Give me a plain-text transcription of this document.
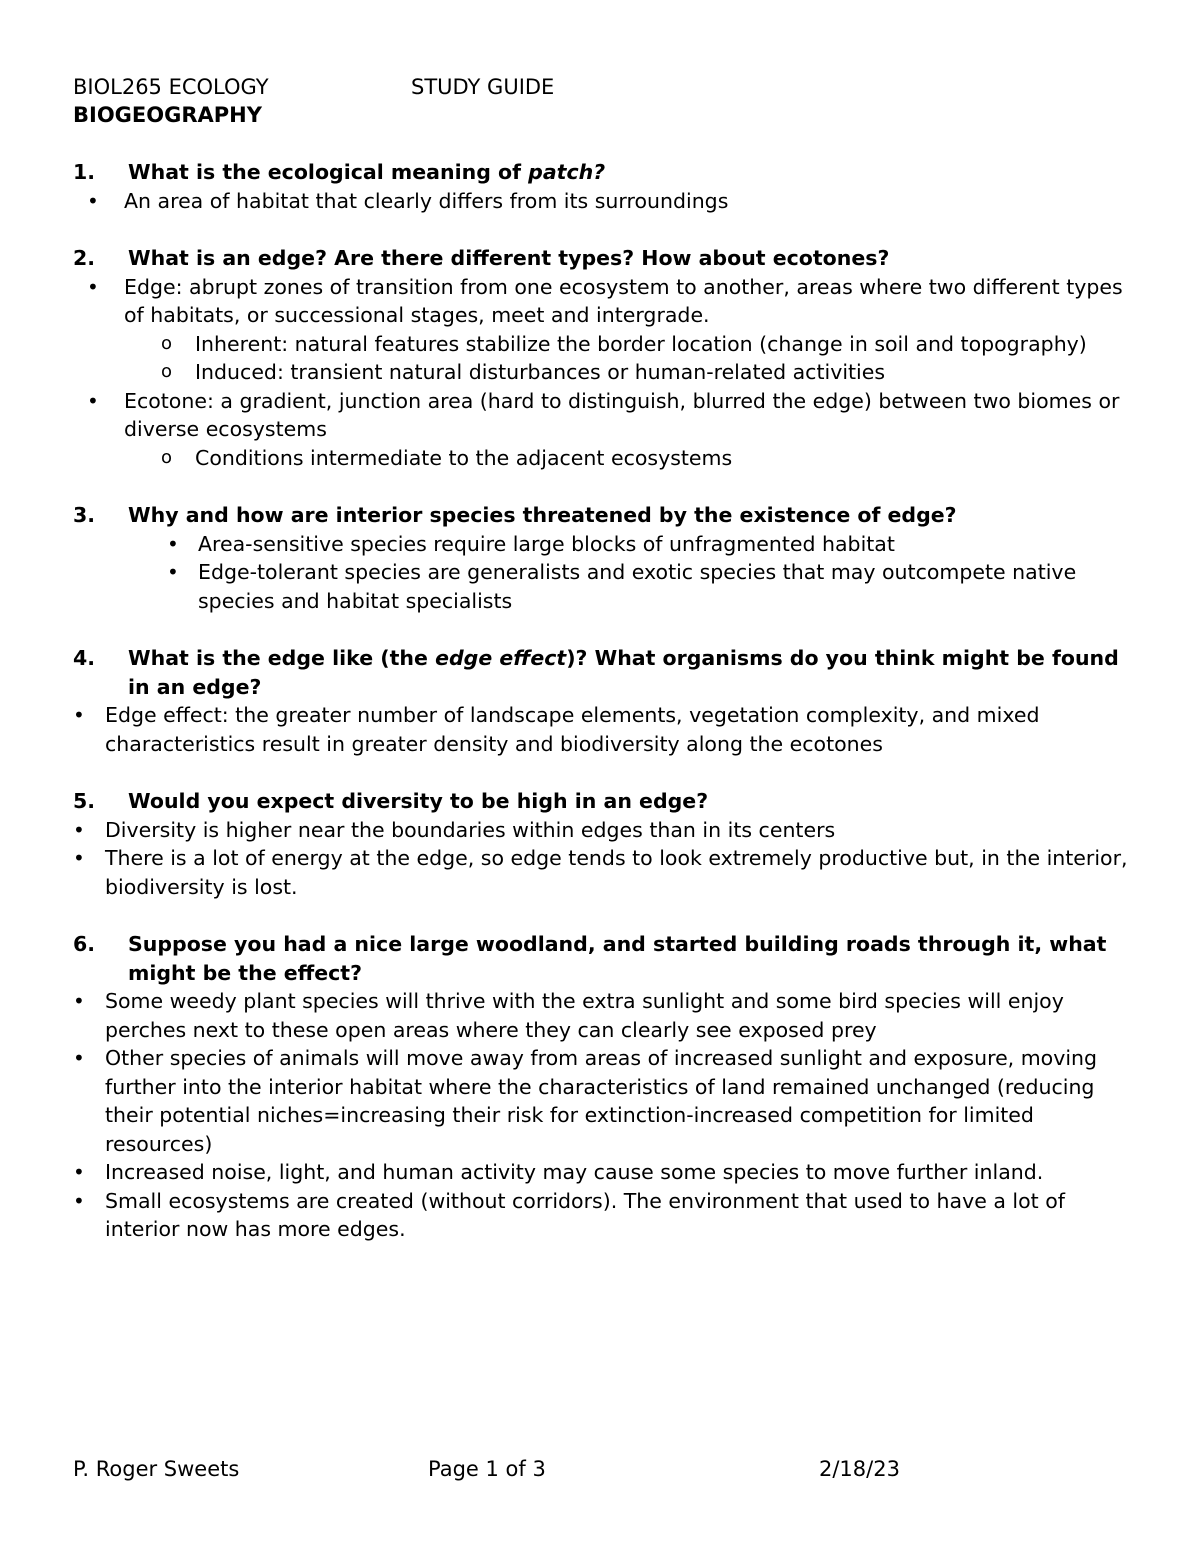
BIOL265 ECOLOGY	STUDY GUIDE
BIOGEOGRAPHY
1. What is the ecological meaning of patch?
• An area of habitat that clearly differs from its surroundings
2. What is an edge? Are there different types? How about ecotones?
• Edge: abrupt zones of transition from one ecosystem to another, areas where two different types of habitats, or successional stages, meet and intergrade.
o Inherent: natural features stabilize the border location (change in soil and topography)
o Induced: transient natural disturbances or human-related activities
• Ecotone: a gradient, junction area (hard to distinguish, blurred the edge) between two biomes or diverse ecosystems
o Conditions intermediate to the adjacent ecosystems
3. Why and how are interior species threatened by the existence of edge?
• Area-sensitive species require large blocks of unfragmented habitat
• Edge-tolerant species are generalists and exotic species that may outcompete native species and habitat specialists
4. What is the edge like (the edge effect)? What organisms do you think might be found in an edge?
• Edge effect: the greater number of landscape elements, vegetation complexity, and mixed characteristics result in greater density and biodiversity along the ecotones
5. Would you expect diversity to be high in an edge?
• Diversity is higher near the boundaries within edges than in its centers
• There is a lot of energy at the edge, so edge tends to look extremely productive but, in the interior, biodiversity is lost.
6. Suppose you had a nice large woodland, and started building roads through it, what might be the effect?
• Some weedy plant species will thrive with the extra sunlight and some bird species will enjoy perches next to these open areas where they can clearly see exposed prey
• Other species of animals will move away from areas of increased sunlight and exposure, moving further into the interior habitat where the characteristics of land remained unchanged (reducing their potential niches=increasing their risk for extinction-increased competition for limited resources)
• Increased noise, light, and human activity may cause some species to move further inland.
• Small ecosystems are created (without corridors). The environment that used to have a lot of interior now has more edges.
P. Roger Sweets	Page 1 of 3	2/18/23
